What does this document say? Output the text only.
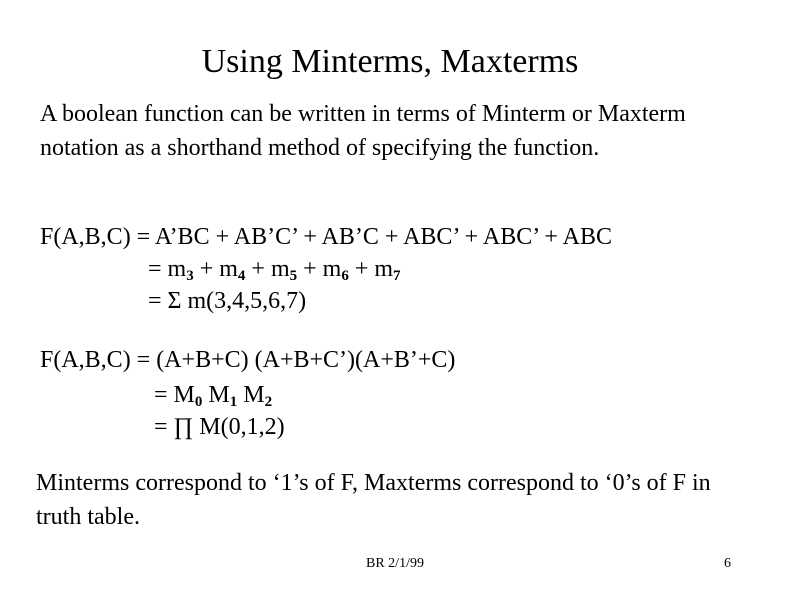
Using Minterms, Maxterms
A boolean function can be written in terms of Minterm or Maxterm notation as a shorthand method of specifying the function.
F(A,B,C) = A’BC + AB’C’ + AB’C + ABC’ + ABC’ + ABC
= $m_3 + m_4 + m_5 + m_6 + m_7$
= Σ m(3,4,5,6,7)
F(A,B,C) = (A+B+C) (A+B+C’)(A+B’+C)
= $M_0$ $M_1$ $M_2$
= ∏ M(0,1,2)
Minterms correspond to ‘1’s of F, Maxterms correspond to ‘0’s of F in truth table.
BR 2/1/99	6
